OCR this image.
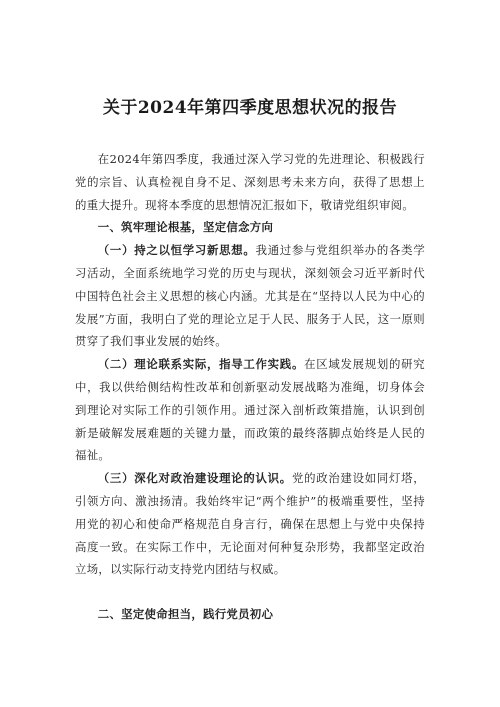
关于2024年第四季度思想状况的报告

在2024年第四季度，我通过深入学习党的先进理论、积极践行党的宗旨、认真检视自身不足、深刻思考未来方向，获得了思想上的重大提升。现将本季度的思想情况汇报如下，敬请党组织审阅。

一、筑牢理论根基，坚定信念方向

（一）持之以恒学习新思想。我通过参与党组织举办的各类学习活动，全面系统地学习党的历史与现状，深刻领会习近平新时代中国特色社会主义思想的核心内涵。尤其是在“坚持以人民为中心的发展”方面，我明白了党的理论立足于人民、服务于人民，这一原则贯穿了我们事业发展的始终。

（二）理论联系实际，指导工作实践。在区域发展规划的研究中，我以供给侧结构性改革和创新驱动发展战略为准绳，切身体会到理论对实际工作的引领作用。通过深入剖析政策措施，认识到创新是破解发展难题的关键力量，而政策的最终落脚点始终是人民的福祉。

（三）深化对政治建设理论的认识。党的政治建设如同灯塔，引领方向、激浊扬清。我始终牢记“两个维护”的极端重要性，坚持用党的初心和使命严格规范自身言行，确保在思想上与党中央保持高度一致。在实际工作中，无论面对何种复杂形势，我都坚定政治立场，以实际行动支持党内团结与权威。

二、坚定使命担当，践行党员初心
